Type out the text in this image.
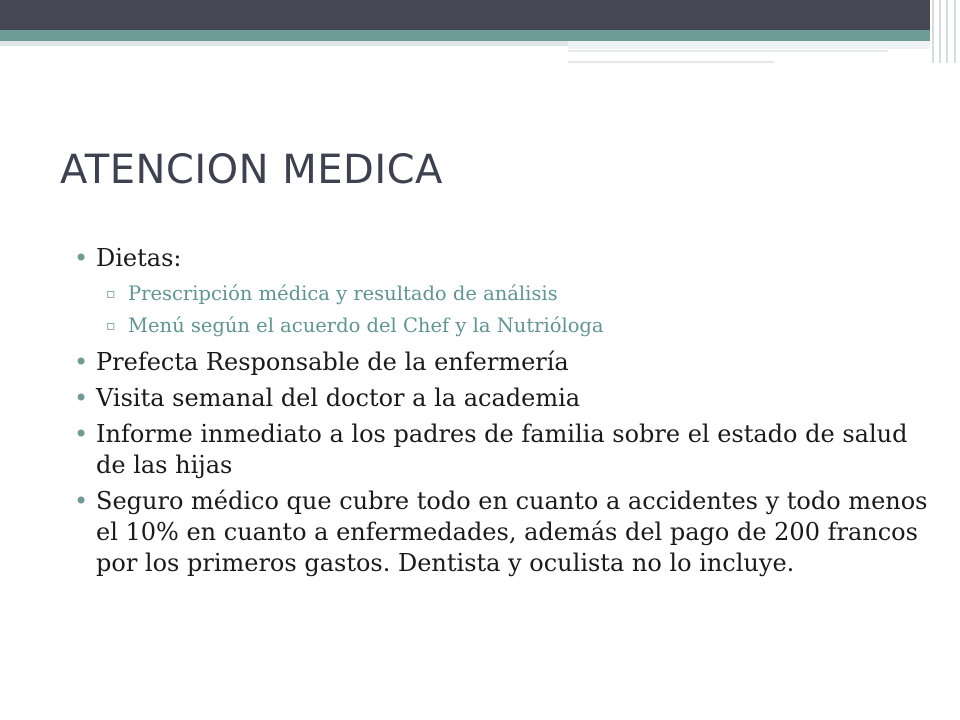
ATENCION MEDICA
• Dietas:
▫ Prescripción médica y resultado de análisis
▫ Menú según el acuerdo del Chef y la Nutrióloga
• Prefecta Responsable de la enfermería
• Visita semanal del doctor a la academia
• Informe inmediato a los padres de familia sobre el estado de salud de las hijas
• Seguro médico que cubre todo en cuanto a accidentes y todo menos el 10% en cuanto a enfermedades, además del pago de 200 francos por los primeros gastos. Dentista y oculista no lo incluye.
